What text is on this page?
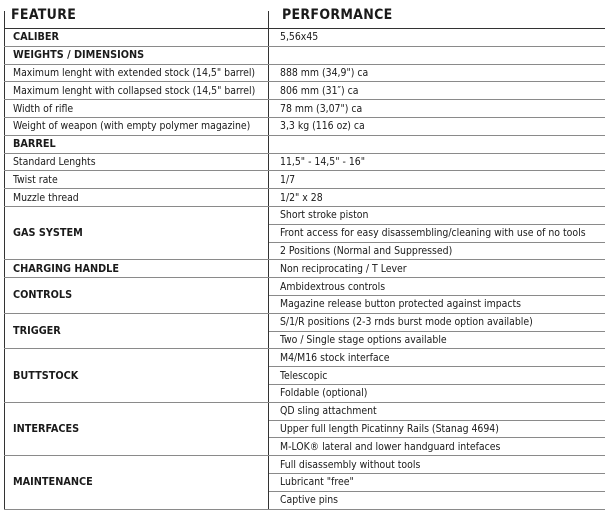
FEATURE	PERFORMANCE
CALIBER	5,56x45
WEIGHTS / DIMENSIONS	
Maximum lenght with extended stock (14,5" barrel)	888 mm (34,9") ca
Maximum lenght with collapsed stock (14,5" barrel)	806 mm (31″) ca
Width of rifle	78 mm (3,07") ca
Weight of weapon (with empty polymer magazine)	3,3 kg (116 oz) ca
BARREL	
Standard Lenghts	11,5" - 14,5" - 16"
Twist rate	1/7
Muzzle thread	1/2" x 28
GAS SYSTEM	Short stroke piston
	Front access for easy disassembling/cleaning with use of no tools
	2 Positions (Normal and Suppressed)
CHARGING HANDLE	Non reciprocating / T Lever
CONTROLS	Ambidextrous controls
	Magazine release button protected against impacts
TRIGGER	S/1/R positions (2-3 rnds burst mode option available)
	Two / Single stage options available
BUTTSTOCK	M4/M16 stock interface
	Telescopic
	Foldable (optional)
INTERFACES	QD sling attachment
	Upper full length Picatinny Rails (Stanag 4694)
	M-LOK® lateral and lower handguard intefaces
MAINTENANCE	Full disassembly without tools
	Lubricant "free"
	Captive pins
